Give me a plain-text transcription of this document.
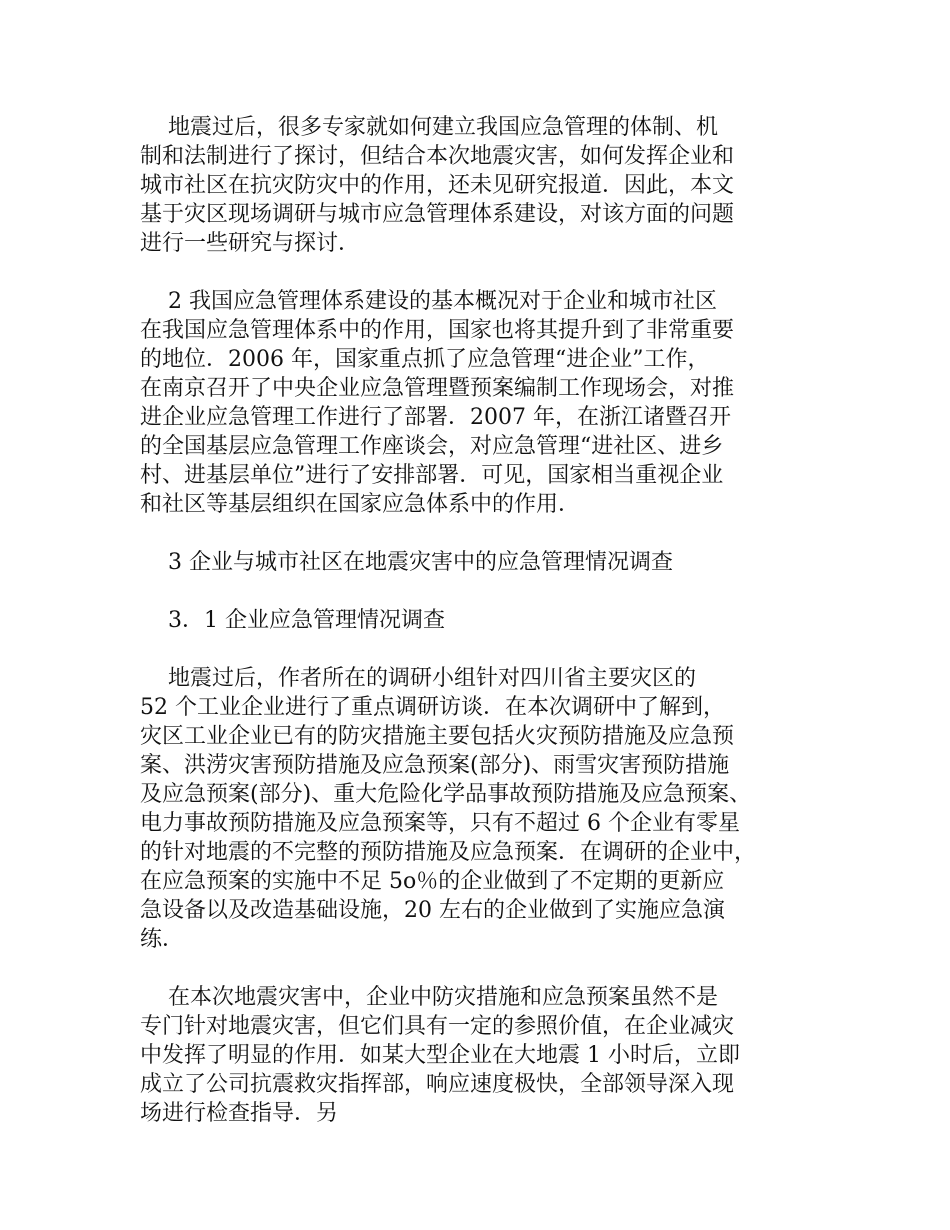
地震过后，很多专家就如何建立我国应急管理的体制、机
制和法制进行了探讨，但结合本次地震灾害，如何发挥企业和
城市社区在抗灾防灾中的作用，还未见研究报道．因此，本文
基于灾区现场调研与城市应急管理体系建设，对该方面的问题
进行一些研究与探讨．
2 我国应急管理体系建设的基本概况对于企业和城市社区
在我国应急管理体系中的作用，国家也将其提升到了非常重要
的地位．2006 年，国家重点抓了应急管理“进企业”工作，
在南京召开了中央企业应急管理暨预案编制工作现场会，对推
进企业应急管理工作进行了部署．2007 年，在浙江诸暨召开
的全国基层应急管理工作座谈会，对应急管理“进社区、进乡
村、进基层单位”进行了安排部署．可见，国家相当重视企业
和社区等基层组织在国家应急体系中的作用．
3 企业与城市社区在地震灾害中的应急管理情况调查
3．1 企业应急管理情况调查
地震过后，作者所在的调研小组针对四川省主要灾区的
52 个工业企业进行了重点调研访谈．在本次调研中了解到，
灾区工业企业已有的防灾措施主要包括火灾预防措施及应急预
案、洪涝灾害预防措施及应急预案(部分)、雨雪灾害预防措施
及应急预案(部分)、重大危险化学品事故预防措施及应急预案、
电力事故预防措施及应急预案等，只有不超过 6 个企业有零星
的针对地震的不完整的预防措施及应急预案．在调研的企业中，
在应急预案的实施中不足 5o％的企业做到了不定期的更新应
急设备以及改造基础设施，20 左右的企业做到了实施应急演
练．
在本次地震灾害中，企业中防灾措施和应急预案虽然不是
专门针对地震灾害，但它们具有一定的参照价值，在企业减灾
中发挥了明显的作用．如某大型企业在大地震 1 小时后，立即
成立了公司抗震救灾指挥部，响应速度极快，全部领导深入现
场进行检查指导．另
